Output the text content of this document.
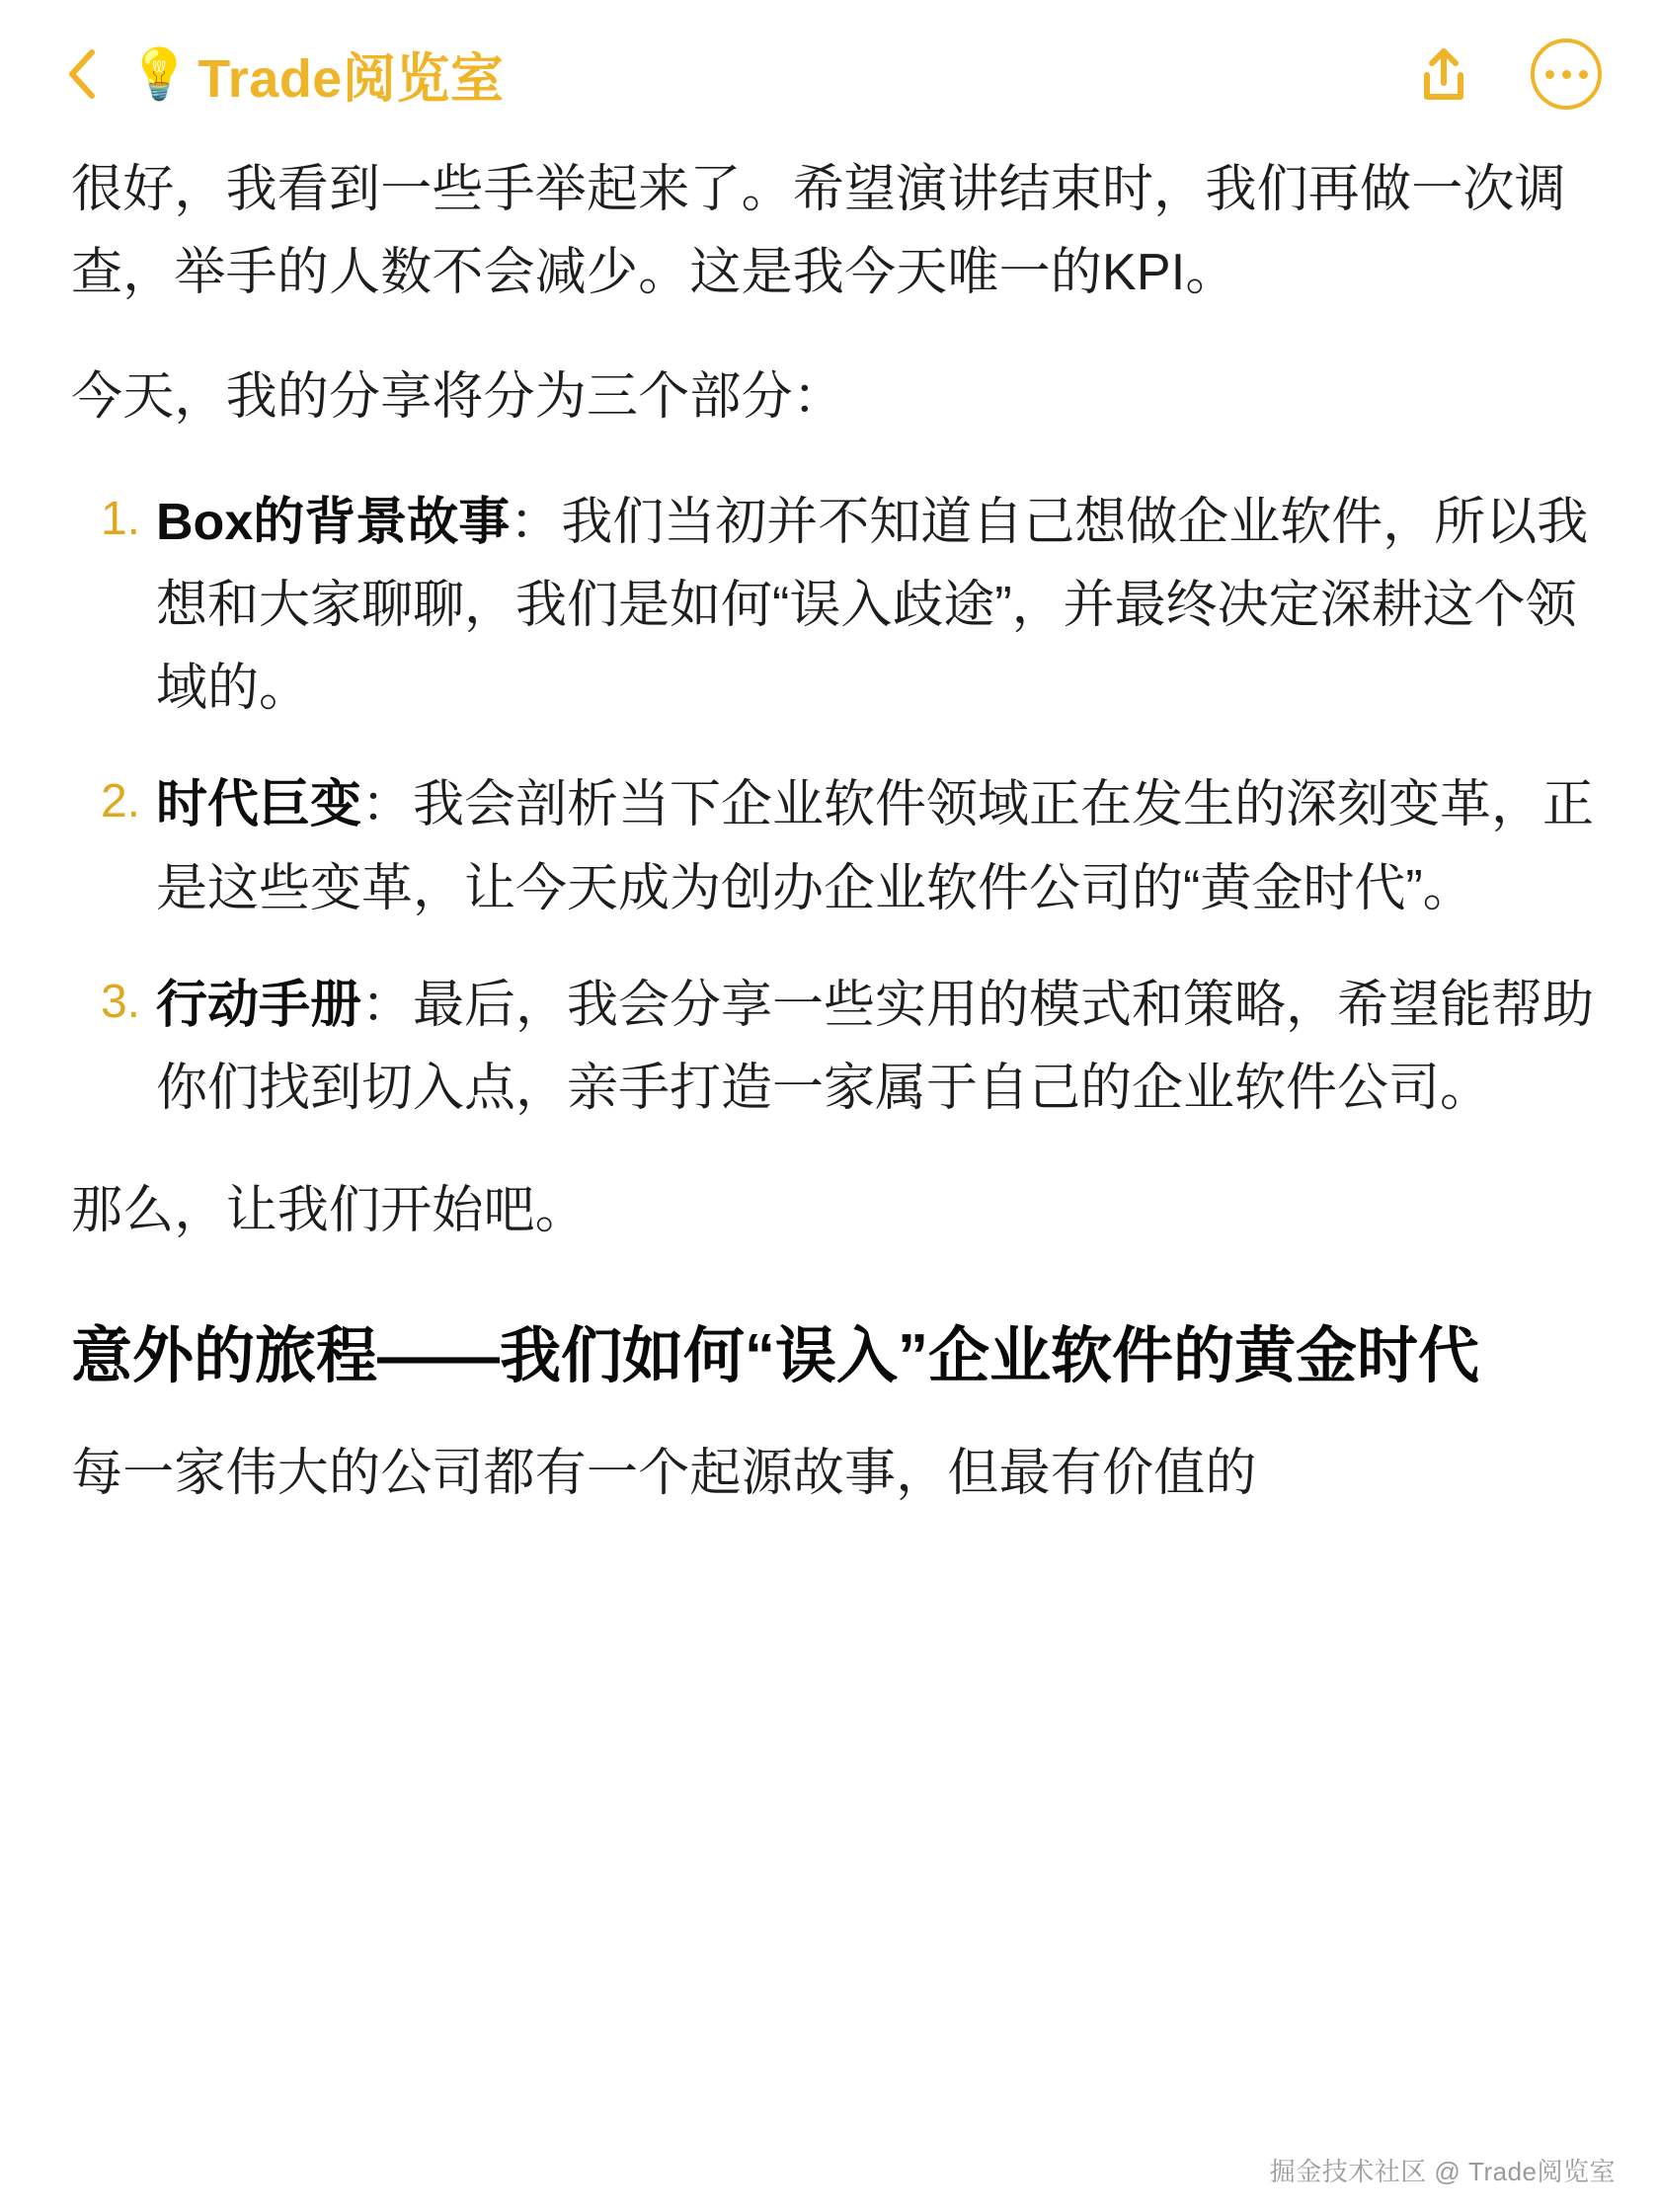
💡 Trade阅览室

很好，我看到一些手举起来了。希望演讲结束时，我们再做一次调查，举手的人数不会减少。这是我今天唯一的KPI。

今天，我的分享将分为三个部分：

Box的背景故事：我们当初并不知道自己想做企业软件，所以我想和大家聊聊，我们是如何“误入歧途”，并最终决定深耕这个领域的。
时代巨变：我会剖析当下企业软件领域正在发生的深刻变革，正是这些变革，让今天成为创办企业软件公司的“黄金时代”。
行动手册：最后，我会分享一些实用的模式和策略，希望能帮助你们找到切入点，亲手打造一家属于自己的企业软件公司。

那么，让我们开始吧。

意外的旅程——我们如何“误入”企业软件的黄金时代

每一家伟大的公司都有一个起源故事，但最有价值的

掘金技术社区 @ Trade阅览室
